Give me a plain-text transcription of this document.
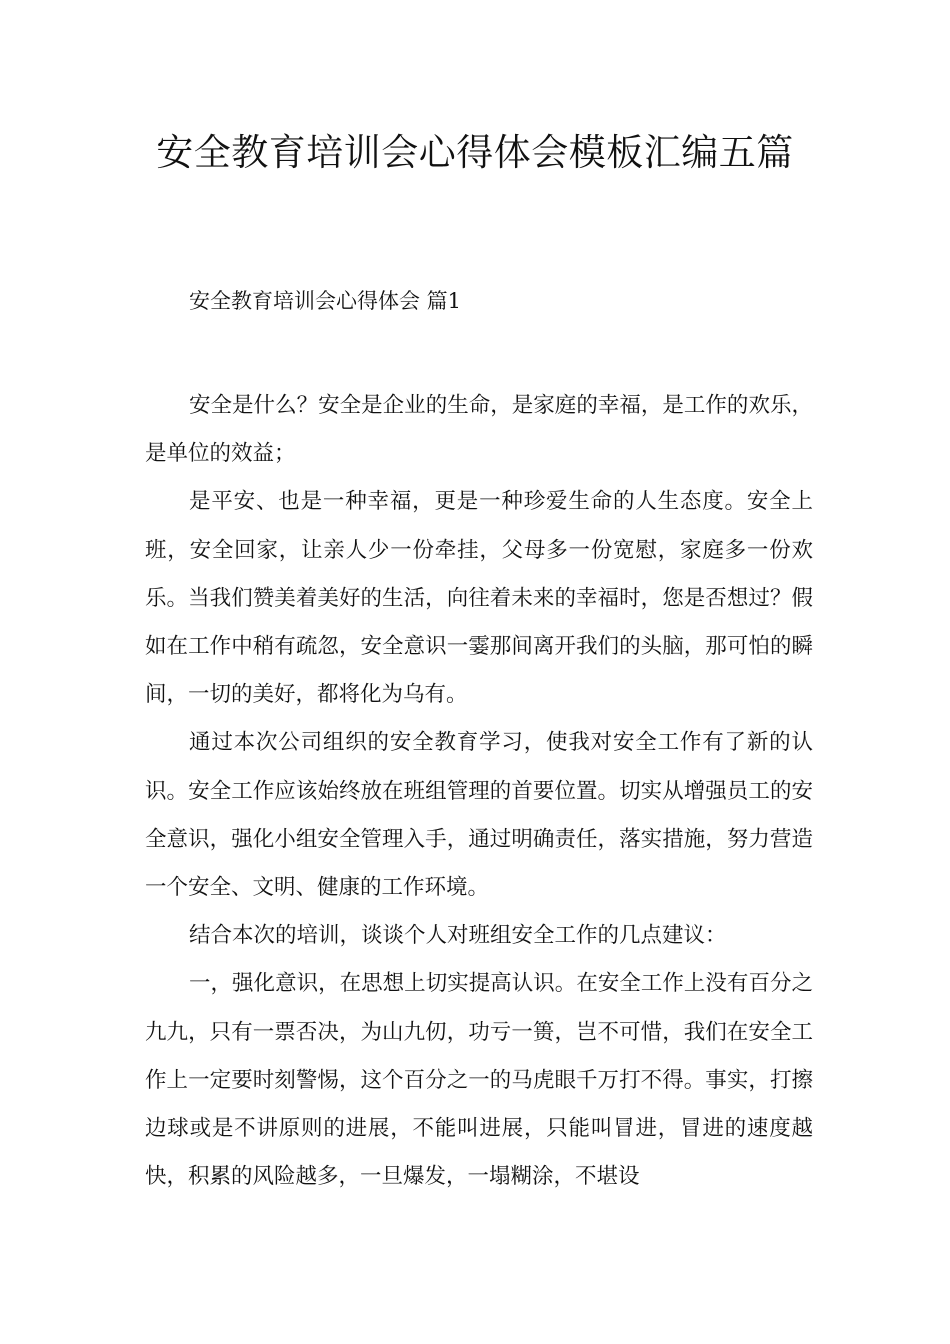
安全教育培训会心得体会模板汇编五篇
安全教育培训会心得体会 篇1

安全是什么？安全是企业的生命，是家庭的幸福，是工作的欢乐，是单位的效益；

是平安、也是一种幸福，更是一种珍爱生命的人生态度。安全上班，安全回家，让亲人少一份牵挂，父母多一份宽慰，家庭多一份欢乐。当我们赞美着美好的生活，向往着未来的幸福时，您是否想过？假如在工作中稍有疏忽，安全意识一霎那间离开我们的头脑，那可怕的瞬间，一切的美好，都将化为乌有。

通过本次公司组织的安全教育学习，使我对安全工作有了新的认识。安全工作应该始终放在班组管理的首要位置。切实从增强员工的安全意识，强化小组安全管理入手，通过明确责任，落实措施，努力营造一个安全、文明、健康的工作环境。

结合本次的培训，谈谈个人对班组安全工作的几点建议：

一，强化意识，在思想上切实提高认识。在安全工作上没有百分之九九，只有一票否决，为山九仞，功亏一篑，岂不可惜，我们在安全工作上一定要时刻警惕，这个百分之一的马虎眼千万打不得。事实，打擦边球或是不讲原则的进展，不能叫进展，只能叫冒进，冒进的速度越快，积累的风险越多，一旦爆发，一塌糊涂，不堪设
